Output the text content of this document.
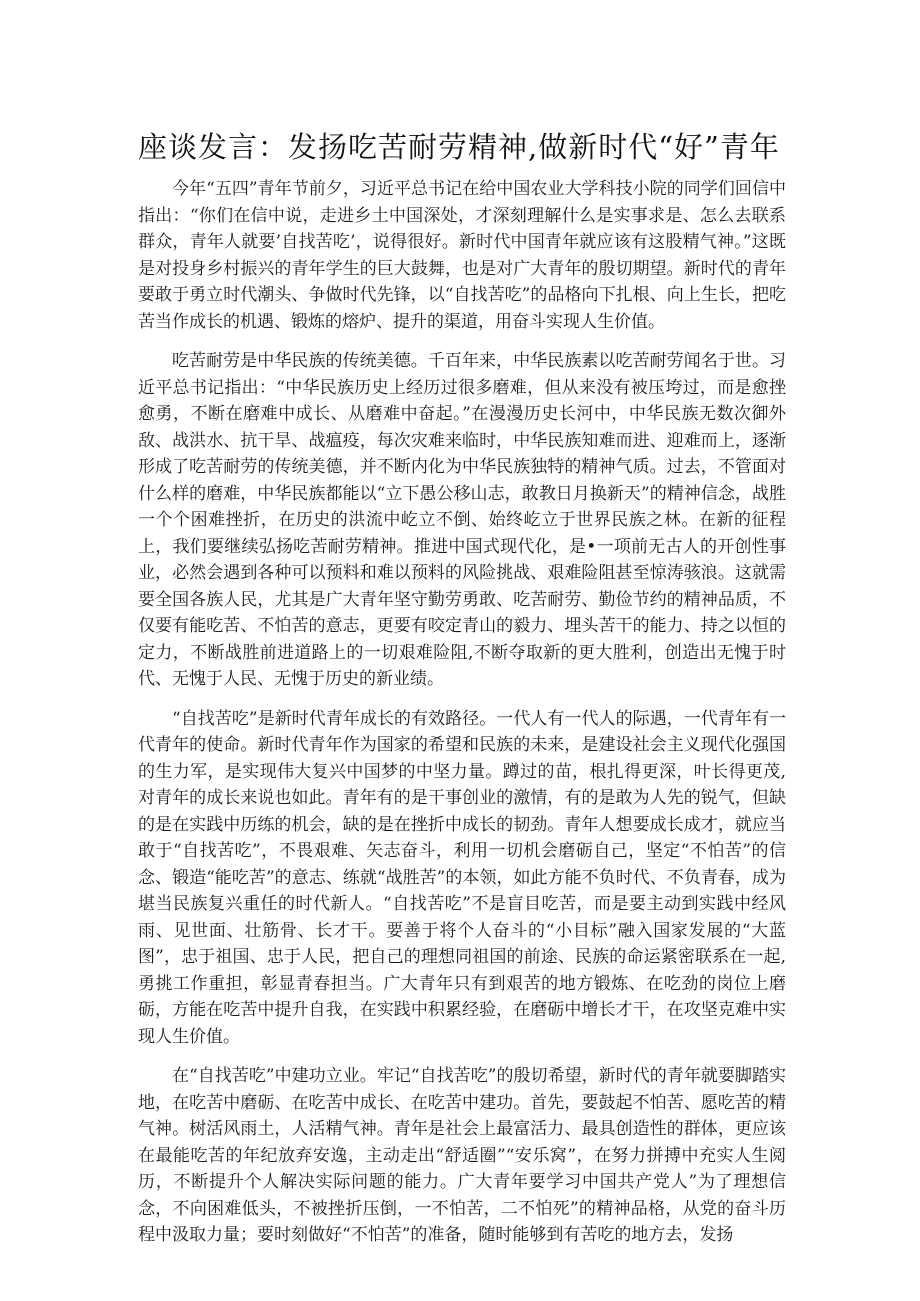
座谈发言：发扬吃苦耐劳精神,做新时代“好”青年

今年“五四”青年节前夕，习近平总书记在给中国农业大学科技小院的同学们回信中指出：“你们在信中说，走进乡土中国深处，才深刻理解什么是实事求是、怎么去联系群众，青年人就要’自找苦吃’，说得很好。新时代中国青年就应该有这股精气神。”这既是对投身乡村振兴的青年学生的巨大鼓舞，也是对广大青年的殷切期望。新时代的青年要敢于勇立时代潮头、争做时代先锋，以“自找苦吃”的品格向下扎根、向上生长，把吃苦当作成长的机遇、锻炼的熔炉、提升的渠道，用奋斗实现人生价值。

吃苦耐劳是中华民族的传统美德。千百年来，中华民族素以吃苦耐劳闻名于世。习近平总书记指出：“中华民族历史上经历过很多磨难，但从来没有被压垮过，而是愈挫愈勇，不断在磨难中成长、从磨难中奋起。”在漫漫历史长河中，中华民族无数次御外敌、战洪水、抗干旱、战瘟疫，每次灾难来临时，中华民族知难而进、迎难而上，逐渐形成了吃苦耐劳的传统美德，并不断内化为中华民族独特的精神气质。过去，不管面对什么样的磨难，中华民族都能以“立下愚公移山志，敢教日月换新天”的精神信念，战胜一个个困难挫折，在历史的洪流中屹立不倒、始终屹立于世界民族之林。在新的征程上，我们要继续弘扬吃苦耐劳精神。推进中国式现代化，是•一项前无古人的开创性事业，必然会遇到各种可以预料和难以预料的风险挑战、艰难险阻甚至惊涛骇浪。这就需要全国各族人民，尤其是广大青年坚守勤劳勇敢、吃苦耐劳、勤俭节约的精神品质，不仅要有能吃苦、不怕苦的意志，更要有咬定青山的毅力、埋头苦干的能力、持之以恒的定力，不断战胜前进道路上的一切艰难险阻,不断夺取新的更大胜利，创造出无愧于时代、无愧于人民、无愧于历史的新业绩。

“自找苦吃”是新时代青年成长的有效路径。一代人有一代人的际遇，一代青年有一代青年的使命。新时代青年作为国家的希望和民族的未来，是建设社会主义现代化强国的生力军，是实现伟大复兴中国梦的中坚力量。蹲过的苗，根扎得更深，叶长得更茂,对青年的成长来说也如此。青年有的是干事创业的激情，有的是敢为人先的锐气，但缺的是在实践中历练的机会，缺的是在挫折中成长的韧劲。青年人想要成长成才，就应当敢于“自找苦吃”，不畏艰难、矢志奋斗，利用一切机会磨砺自己，坚定“不怕苦”的信念、锻造“能吃苦”的意志、练就“战胜苦”的本领，如此方能不负时代、不负青春，成为堪当民族复兴重任的时代新人。“自找苦吃”不是盲目吃苦，而是要主动到实践中经风雨、见世面、壮筋骨、长才干。要善于将个人奋斗的“小目标”融入国家发展的“大蓝图”，忠于祖国、忠于人民，把自己的理想同祖国的前途、民族的命运紧密联系在一起,勇挑工作重担，彰显青春担当。广大青年只有到艰苦的地方锻炼、在吃劲的岗位上磨砺，方能在吃苦中提升自我，在实践中积累经验，在磨砺中增长才干，在攻坚克难中实现人生价值。

在“自找苦吃”中建功立业。牢记“自找苦吃”的殷切希望，新时代的青年就要脚踏实地，在吃苦中磨砺、在吃苦中成长、在吃苦中建功。首先，要鼓起不怕苦、愿吃苦的精气神。树活风雨土，人活精气神。青年是社会上最富活力、最具创造性的群体，更应该在最能吃苦的年纪放弃安逸，主动走出“舒适圈”“安乐窝”，在努力拼搏中充实人生阅历，不断提升个人解决实际问题的能力。广大青年要学习中国共产党人”为了理想信念，不向困难低头，不被挫折压倒，一不怕苦，二不怕死”的精神品格，从党的奋斗历程中汲取力量；要时刻做好“不怕苦”的准备，随时能够到有苦吃的地方去，发扬
